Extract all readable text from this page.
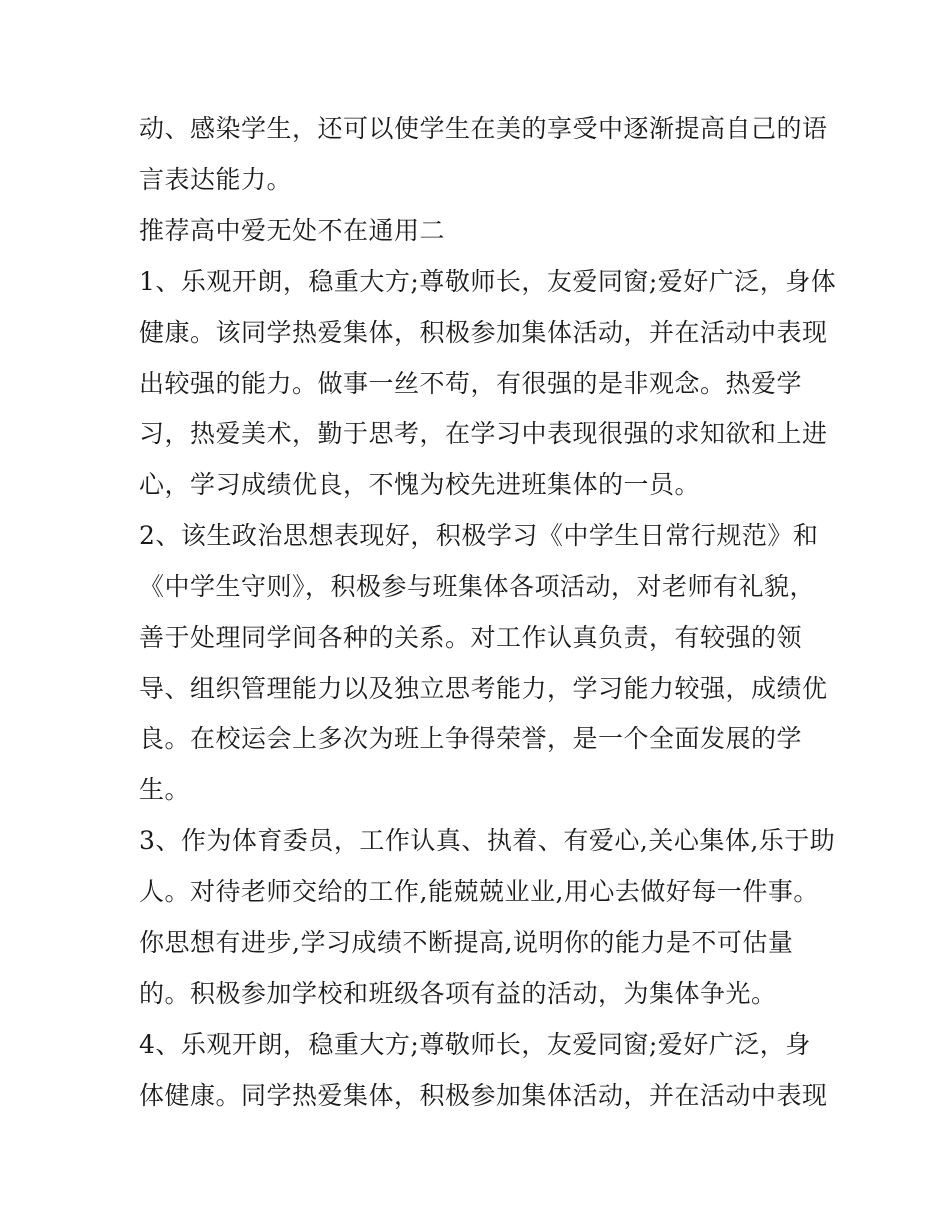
动、感染学生，还可以使学生在美的享受中逐渐提高自己的语
言表达能力。
推荐高中爱无处不在通用二
1、乐观开朗，稳重大方;尊敬师长，友爱同窗;爱好广泛，身体
健康。该同学热爱集体，积极参加集体活动，并在活动中表现
出较强的能力。做事一丝不苟，有很强的是非观念。热爱学
习，热爱美术，勤于思考，在学习中表现很强的求知欲和上进
心，学习成绩优良，不愧为校先进班集体的一员。
2、该生政治思想表现好，积极学习《中学生日常行规范》和
《中学生守则》，积极参与班集体各项活动，对老师有礼貌，
善于处理同学间各种的关系。对工作认真负责，有较强的领
导、组织管理能力以及独立思考能力，学习能力较强，成绩优
良。在校运会上多次为班上争得荣誉，是一个全面发展的学
生。
3、作为体育委员，工作认真、执着、有爱心,关心集体,乐于助
人。对待老师交给的工作,能兢兢业业,用心去做好每一件事。
你思想有进步,学习成绩不断提高,说明你的能力是不可估量
的。积极参加学校和班级各项有益的活动，为集体争光。
4、乐观开朗，稳重大方;尊敬师长，友爱同窗;爱好广泛，身
体健康。同学热爱集体，积极参加集体活动，并在活动中表现
